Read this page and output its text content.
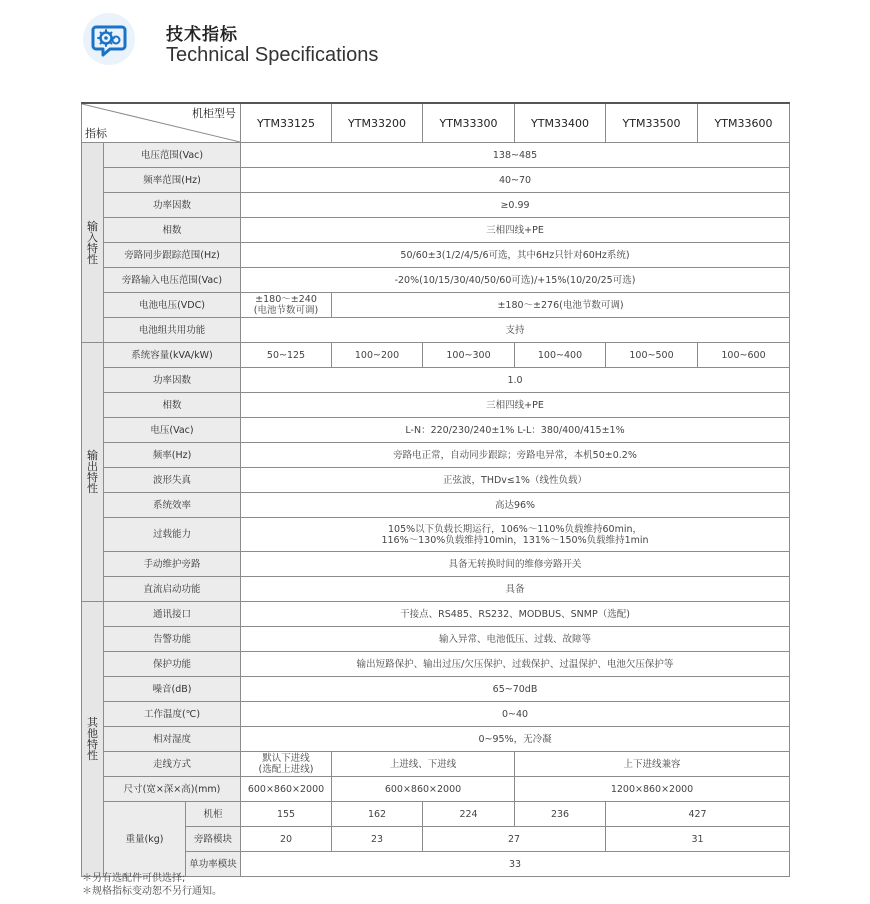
技术指标
Technical Specifications
机柜型号
指标			YTM33125	YTM33200	YTM33300	YTM33400	YTM33500	YTM33600
输
入
特
性	电压范围(Vac)		138~485					
	频率范围(Hz)		40~70					
	功率因数		≥0.99					
	相数		三相四线+PE					
	旁路同步跟踪范围(Hz)		50/60±3(1/2/4/5/6可选，其中6Hz只针对60Hz系统)					
	旁路输入电压范围(Vac)		-20%(10/15/30/40/50/60可选)/+15%(10/20/25可选)					
	电池电压(VDC)		±180～±240
(电池节数可调)	±180～±276(电池节数可调)				
	电池组共用功能		支持					
输
出
特
性	系统容量(kVA/kW)		50~125	100~200	100~300	100~400	100~500	100~600
	功率因数		1.0					
	相数		三相四线+PE					
	电压(Vac)		L-N：220/230/240±1% L-L：380/400/415±1%					
	频率(Hz)		旁路电正常，自动同步跟踪；旁路电异常，本机50±0.2%					
	波形失真		正弦波，THDv≤1%（线性负载）					
	系统效率		高达96%					
	过载能力		105%以下负载长期运行，106%～110%负载维持60min，
116%～130%负载维持10min，131%～150%负载维持1min					
	手动维护旁路		具备无转换时间的维修旁路开关					
	直流启动功能		具备					
其
他
特
性	通讯接口		干接点、RS485、RS232、MODBUS、SNMP（选配)					
	告警功能		输入异常、电池低压、过载、故障等					
	保护功能		输出短路保护、输出过压/欠压保护、过载保护、过温保护、电池欠压保护等					
	噪音(dB)		65~70dB					
	工作温度(℃)		0~40					
	相对湿度		0~95%，无冷凝					
	走线方式		默认下进线
(选配上进线)	上进线、下进线		上下进线兼容		
	尺寸(宽×深×高)(mm)		600×860×2000	600×860×2000		1200×860×2000		
	重量(kg)	机柜	155	162	224	236	427	
		旁路模块	20	23	27		31	
		单功率模块	33					
＊另有选配件可供选择;
＊规格指标变动恕不另行通知。
